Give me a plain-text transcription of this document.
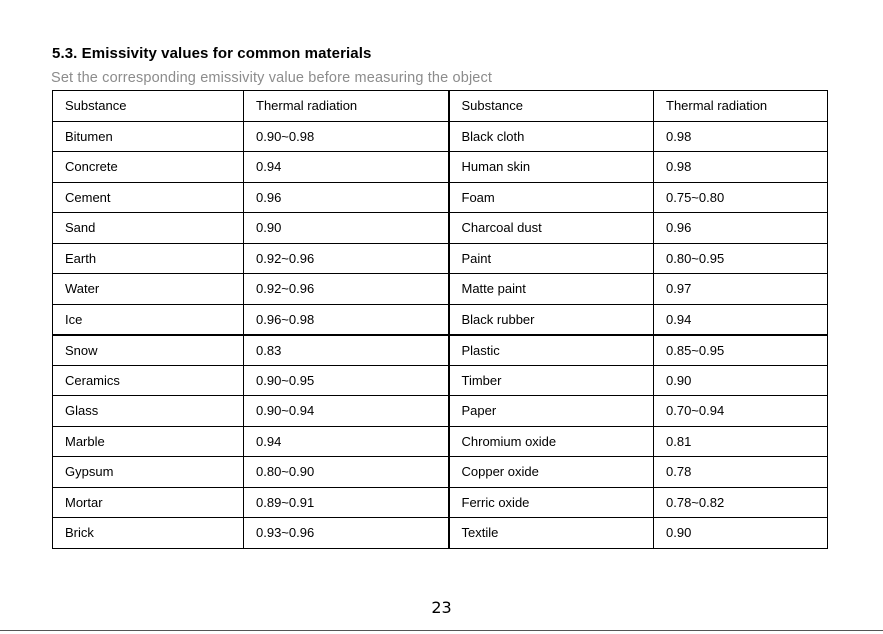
5.3. Emissivity values for common materials

Set the corresponding emissivity value before measuring the object

Substance	Thermal radiation	Substance	Thermal radiation
Bitumen	0.90~0.98	Black cloth	0.98
Concrete	0.94	Human skin	0.98
Cement	0.96	Foam	0.75~0.80
Sand	0.90	Charcoal dust	0.96
Earth	0.92~0.96	Paint	0.80~0.95
Water	0.92~0.96	Matte paint	0.97
Ice	0.96~0.98	Black rubber	0.94
Snow	0.83	Plastic	0.85~0.95
Ceramics	0.90~0.95	Timber	0.90
Glass	0.90~0.94	Paper	0.70~0.94
Marble	0.94	Chromium oxide	0.81
Gypsum	0.80~0.90	Copper oxide	0.78
Mortar	0.89~0.91	Ferric oxide	0.78~0.82
Brick	0.93~0.96	Textile	0.90
23
